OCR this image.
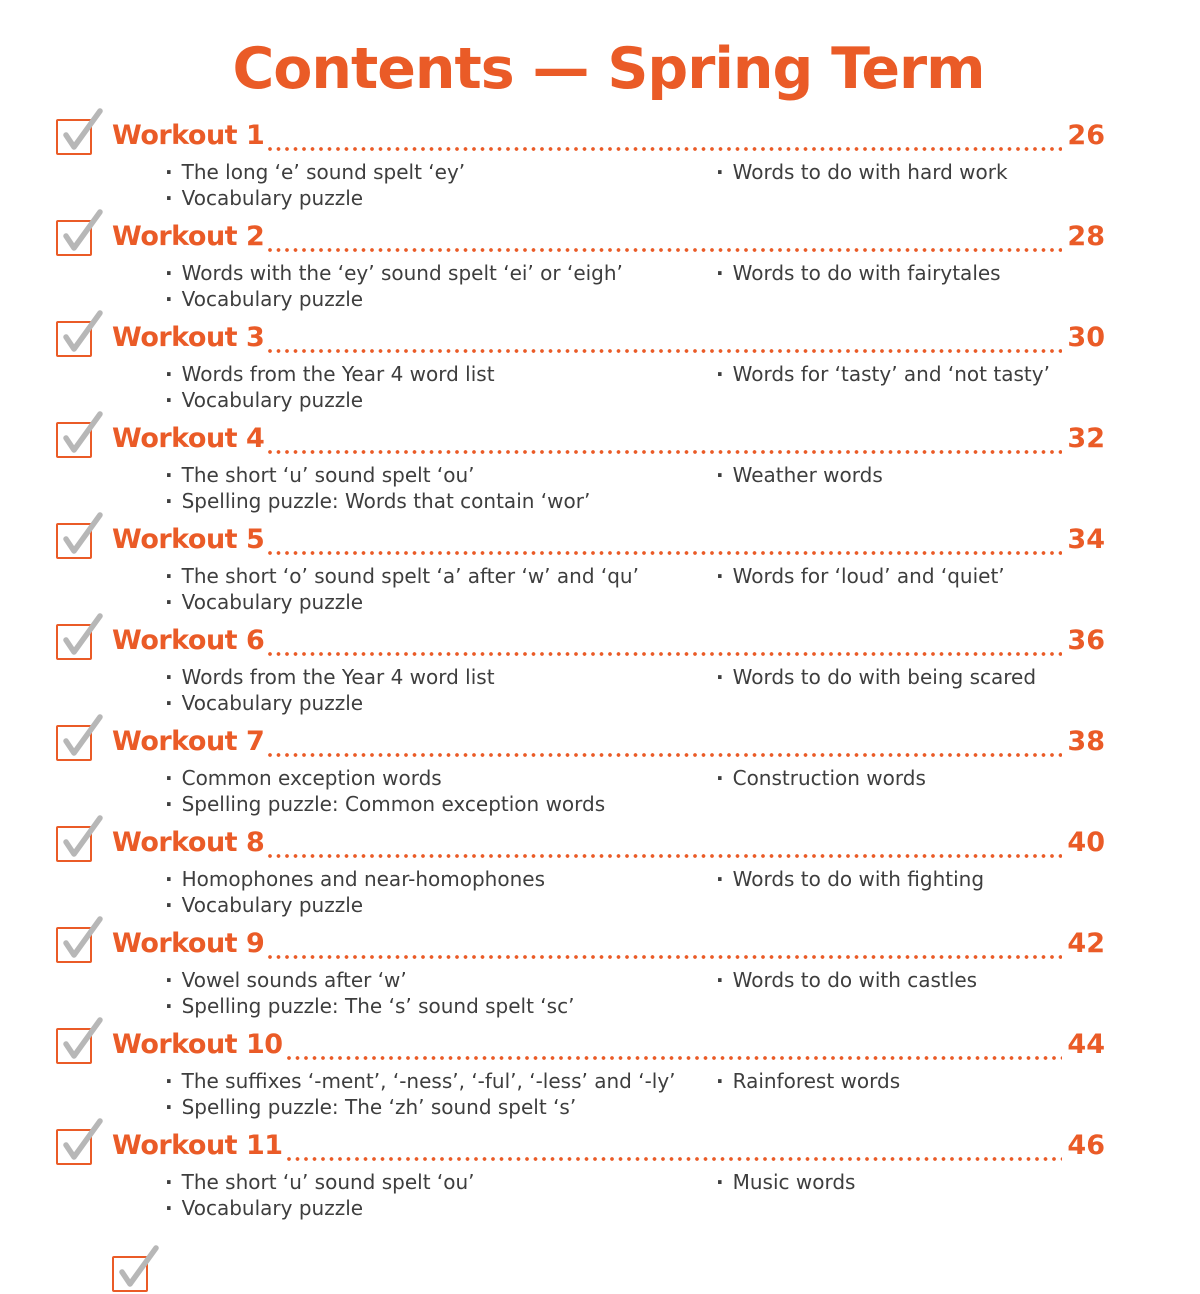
Contents — Spring Term
Workout 1	26
· The long ‘e’ sound spelt ‘ey’
· Vocabulary puzzle
· Words to do with hard work
Workout 2	28
· Words with the ‘ey’ sound spelt ‘ei’ or ‘eigh’
· Vocabulary puzzle
· Words to do with fairytales
Workout 3	30
· Words from the Year 4 word list
· Vocabulary puzzle
· Words for ‘tasty’ and ‘not tasty’
Workout 4	32
· The short ‘u’ sound spelt ‘ou’
· Spelling puzzle: Words that contain ‘wor’
· Weather words
Workout 5	34
· The short ‘o’ sound spelt ‘a’ after ‘w’ and ‘qu’
· Vocabulary puzzle
· Words for ‘loud’ and ‘quiet’
Workout 6	36
· Words from the Year 4 word list
· Vocabulary puzzle
· Words to do with being scared
Workout 7	38
· Common exception words
· Spelling puzzle: Common exception words
· Construction words
Workout 8	40
· Homophones and near-homophones
· Vocabulary puzzle
· Words to do with fighting
Workout 9	42
· Vowel sounds after ‘w’
· Spelling puzzle: The ‘s’ sound spelt ‘sc’
· Words to do with castles
Workout 10	44
· The suffixes ‘-ment’, ‘-ness’, ‘-ful’, ‘-less’ and ‘-ly’
· Spelling puzzle: The ‘zh’ sound spelt ‘s’
· Rainforest words
Workout 11	46
· The short ‘u’ sound spelt ‘ou’
· Vocabulary puzzle
· Music words
